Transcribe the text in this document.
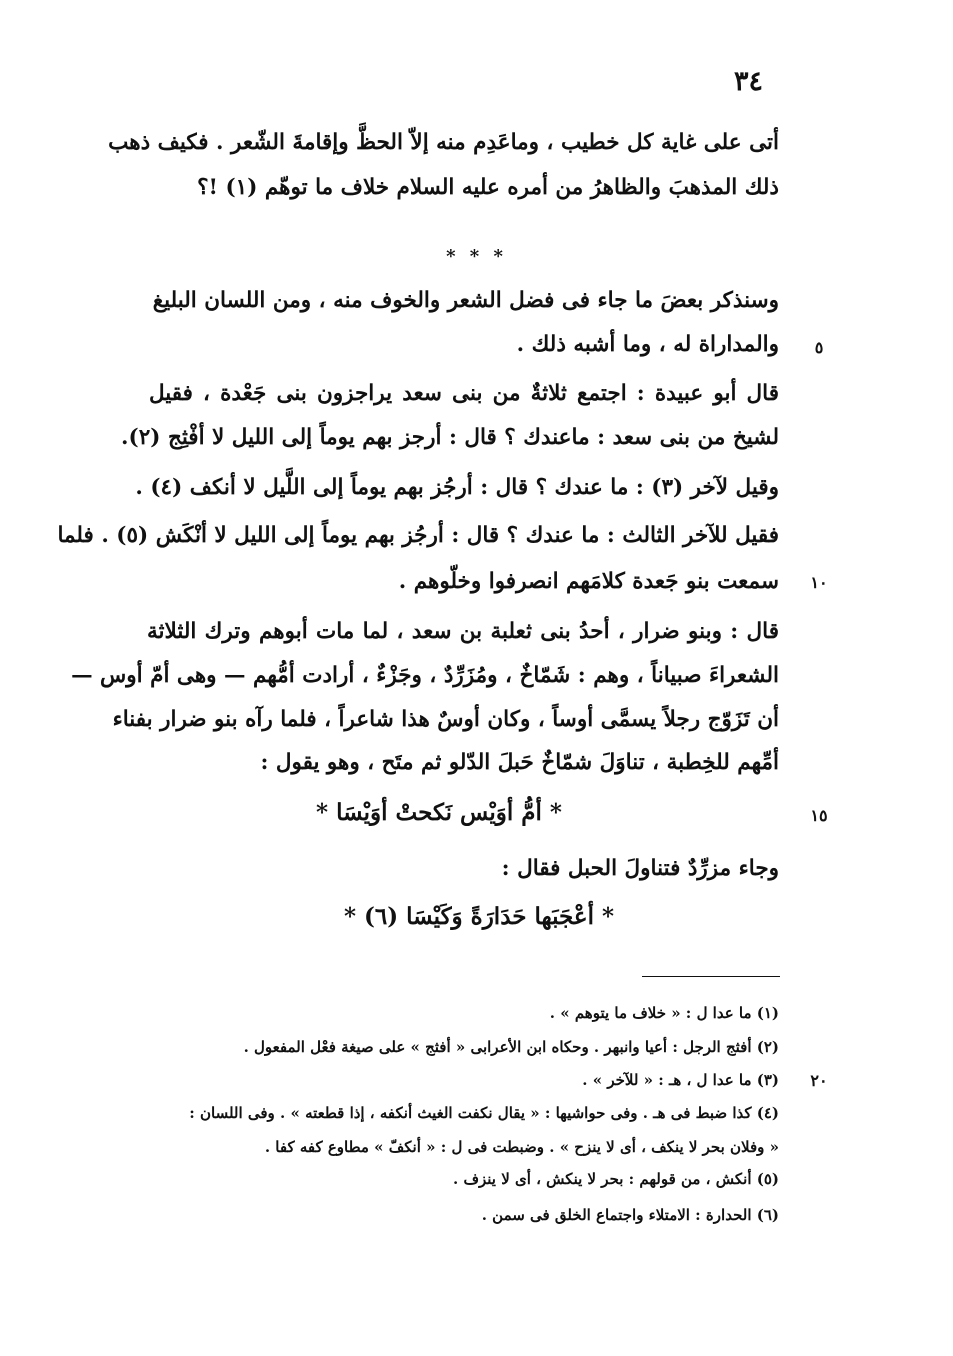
٣٤
أتى على غاية كل خطيب ، وماعَدِم منه إلاّ الحظَّ وإقامةَ الشّعر . فكيف ذهب
ذلك المذهبَ والظاهرُ من أمره عليه السلام خلاف ما توهّم (١) !؟
* * *
وسنذكر بعضَ ما جاء فى فضل الشعر والخوف منه ، ومن اللسان البليغ
والمداراة له ، وما أشبه ذلك .	٥
قال أبو عبيدة : اجتمع ثلاثةٌ من بنى سعد يراجزون بنى جَعْدة ، فقيل
لشيخ من بنى سعد : ماعندك ؟ قال : أرجز بهم يوماً إلى الليل لا أفْثِج (٢).
وقيل لآخر (٣) : ما عندك ؟ قال : أرجُز بهم يوماً إلى اللَّيل لا أنكف (٤) .
فقيل للآخر الثالث : ما عندك ؟ قال : أرجُز بهم يوماً إلى الليل لا أنْكَش (٥) . فلما
سمعت بنو جَعدة كلامَهم انصرفوا وخلّوهم .	١٠
قال : وبنو ضرار ، أحدُ بنى ثعلبة بن سعد ، لما مات أبوهم وترك الثلاثة
الشعراءَ صبياناً ، وهم : شَمّاخٌ ، ومُزَرِّدٌ ، وجَزْءٌ ، أرادت أمُّهم — وهى أمّ أوس —
أن تَزَوّج رجلاً يسمَّى أوساً ، وكان أوسٌ هذا شاعراً ، فلما رآه بنو ضرار بفناء
أمِّهم للخِطبة ، تناوَلَ شمّاخٌ حَبلَ الدّلو ثم متَح ، وهو يقول :
* أمُّ أوَيْس نَكحتْ أوَيْسَا *	١٥
وجاء مزرِّدٌ فتناولَ الحبل فقال :
* أعْجَبَها حَدَارَةً وَكَيْسَا (٦) *
(١) ما عدا ل : « خلاف ما يتوهم » .
(٢) أفثج الرجل : أعيا وانبهر . وحكاه ابن الأعرابى « أفثج » على صيغة فعْل المفعول .
(٣) ما عدا ل ، هـ : « للآخر » .	٢٠
(٤) كذا ضبط فى هـ . وفى حواشيها : « يقال نكفت الغيث أنكفه ، إذا قطعته » . وفى اللسان :
« وفلان بحر لا ينكف ، أى لا ينزح » . وضبطت فى ل : « أنكفّ » مطاوع كفه كفا .
(٥) أنكش ، من قولهم : بحر لا ينكش ، أى لا ينزف .
(٦) الحدارة : الامتلاء واجتماع الخلق فى سمن .
